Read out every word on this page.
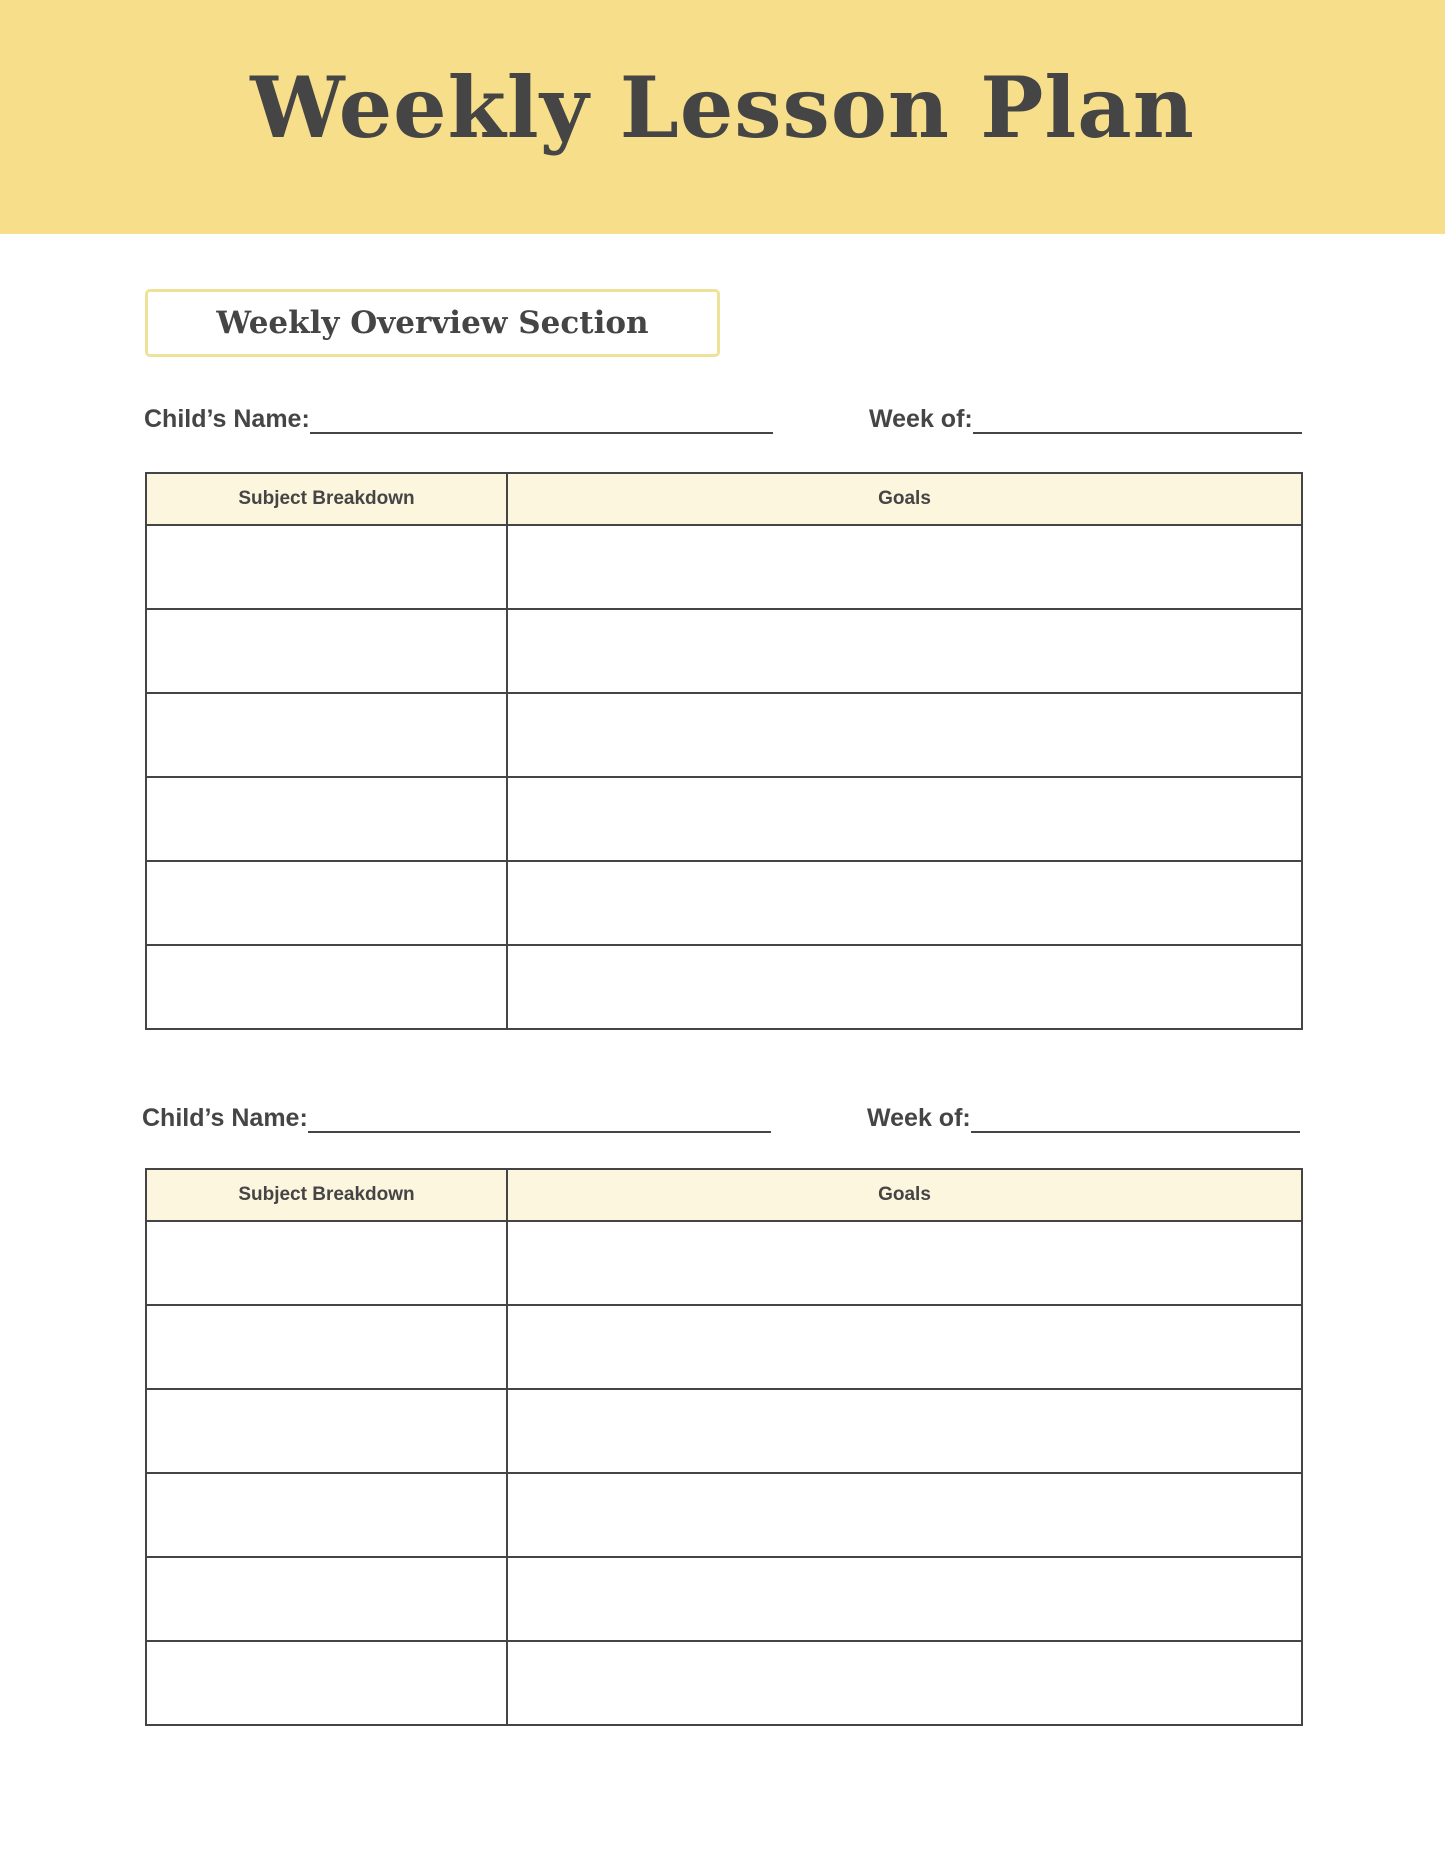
Weekly Lesson Plan
Weekly Overview Section
Child’s Name:	Week of:
Subject Breakdown	Goals

Child’s Name:	Week of:
Subject Breakdown	Goals
